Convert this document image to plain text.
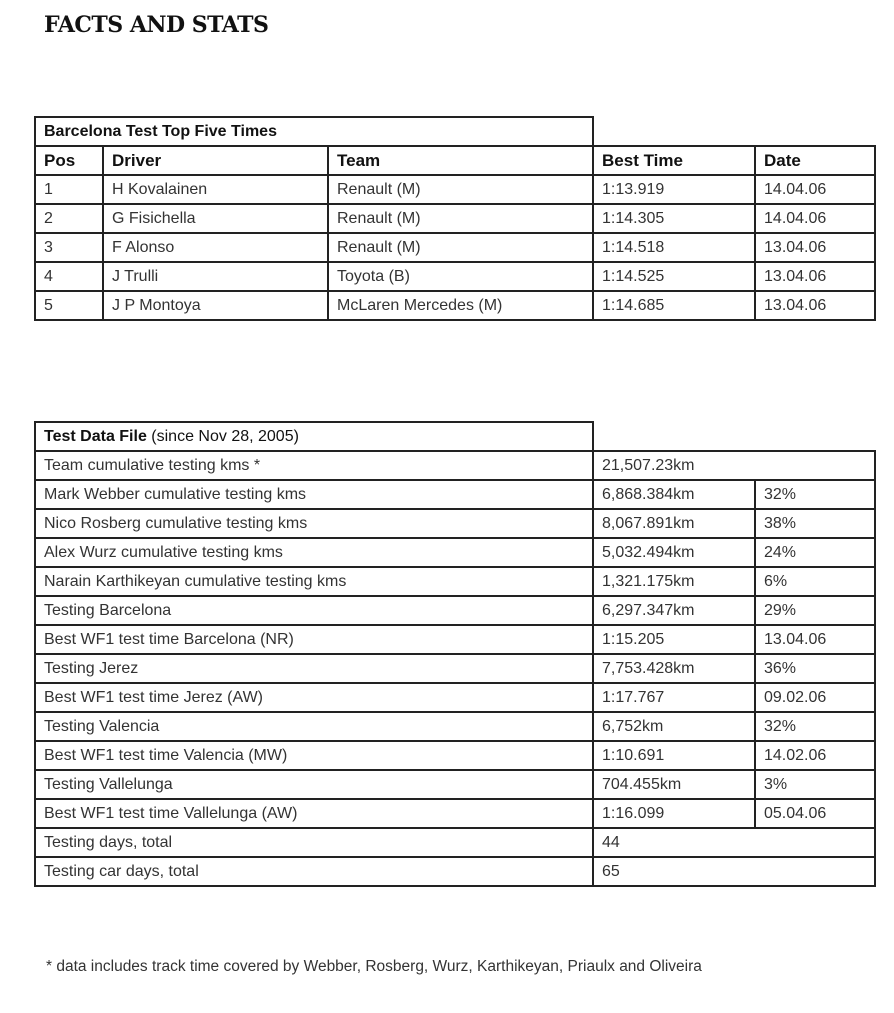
FACTS AND STATS
Barcelona Test Top Five Times				
Pos	Driver	Team	Best Time	Date
1	H Kovalainen	Renault (M)	1:13.919	14.04.06
2	G Fisichella	Renault (M)	1:14.305	14.04.06
3	F Alonso	Renault (M)	1:14.518	13.04.06
4	J Trulli	Toyota (B)	1:14.525	13.04.06
5	J P Montoya	McLaren Mercedes (M)	1:14.685	13.04.06
Test Data File (since Nov 28, 2005)		
Team cumulative testing kms *	21,507.23km	
Mark Webber cumulative testing kms	6,868.384km	32%
Nico Rosberg cumulative testing kms	8,067.891km	38%
Alex Wurz cumulative testing kms	5,032.494km	24%
Narain Karthikeyan cumulative testing kms	1,321.175km	6%
Testing Barcelona	6,297.347km	29%
Best WF1 test time Barcelona (NR)	1:15.205	13.04.06
Testing Jerez	7,753.428km	36%
Best WF1 test time Jerez (AW)	1:17.767	09.02.06
Testing Valencia	6,752km	32%
Best WF1 test time Valencia (MW)	1:10.691	14.02.06
Testing Vallelunga	704.455km	3%
Best WF1 test time Vallelunga (AW)	1:16.099	05.04.06
Testing days, total	44	
Testing car days, total	65	

* data includes track time covered by Webber, Rosberg, Wurz, Karthikeyan, Priaulx and Oliveira
